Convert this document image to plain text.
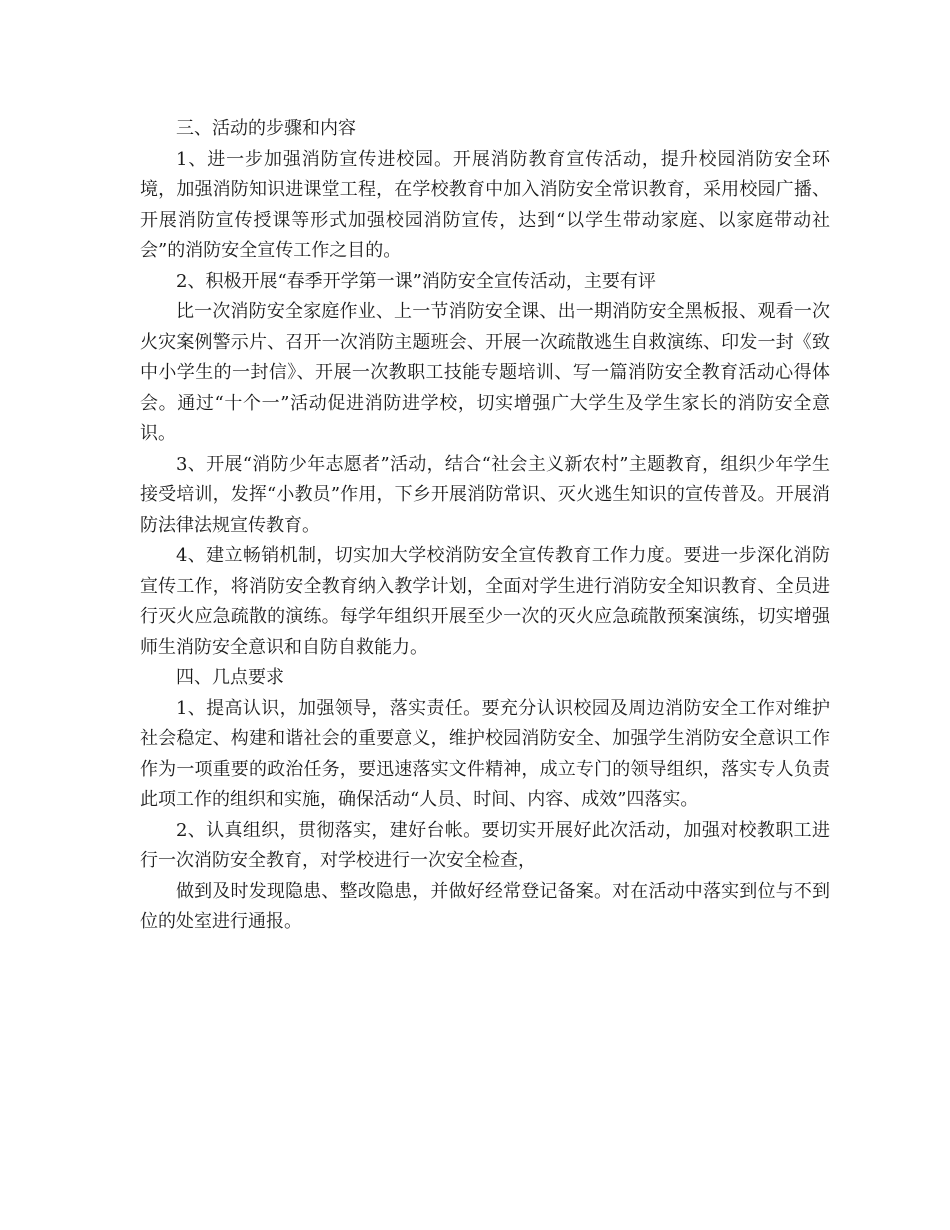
三、活动的步骤和内容

1、进一步加强消防宣传进校园。开展消防教育宣传活动，提升校园消防安全环境，加强消防知识进课堂工程，在学校教育中加入消防安全常识教育，采用校园广播、开展消防宣传授课等形式加强校园消防宣传，达到“以学生带动家庭、以家庭带动社会”的消防安全宣传工作之目的。

2、积极开展“春季开学第一课”消防安全宣传活动，主要有评

比一次消防安全家庭作业、上一节消防安全课、出一期消防安全黑板报、观看一次火灾案例警示片、召开一次消防主题班会、开展一次疏散逃生自救演练、印发一封《致中小学生的一封信》、开展一次教职工技能专题培训、写一篇消防安全教育活动心得体会。通过“十个一”活动促进消防进学校，切实增强广大学生及学生家长的消防安全意识。

3、开展“消防少年志愿者”活动，结合“社会主义新农村”主题教育，组织少年学生接受培训，发挥“小教员”作用，下乡开展消防常识、灭火逃生知识的宣传普及。开展消防法律法规宣传教育。

4、建立畅销机制，切实加大学校消防安全宣传教育工作力度。要进一步深化消防宣传工作，将消防安全教育纳入教学计划，全面对学生进行消防安全知识教育、全员进行灭火应急疏散的演练。每学年组织开展至少一次的灭火应急疏散预案演练，切实增强师生消防安全意识和自防自救能力。

四、几点要求

1、提高认识，加强领导，落实责任。要充分认识校园及周边消防安全工作对维护社会稳定、构建和谐社会的重要意义，维护校园消防安全、加强学生消防安全意识工作作为一项重要的政治任务，要迅速落实文件精神，成立专门的领导组织，落实专人负责此项工作的组织和实施，确保活动“人员、时间、内容、成效”四落实。

2、认真组织，贯彻落实，建好台帐。要切实开展好此次活动，加强对校教职工进行一次消防安全教育，对学校进行一次安全检查，

做到及时发现隐患、整改隐患，并做好经常登记备案。对在活动中落实到位与不到位的处室进行通报。
